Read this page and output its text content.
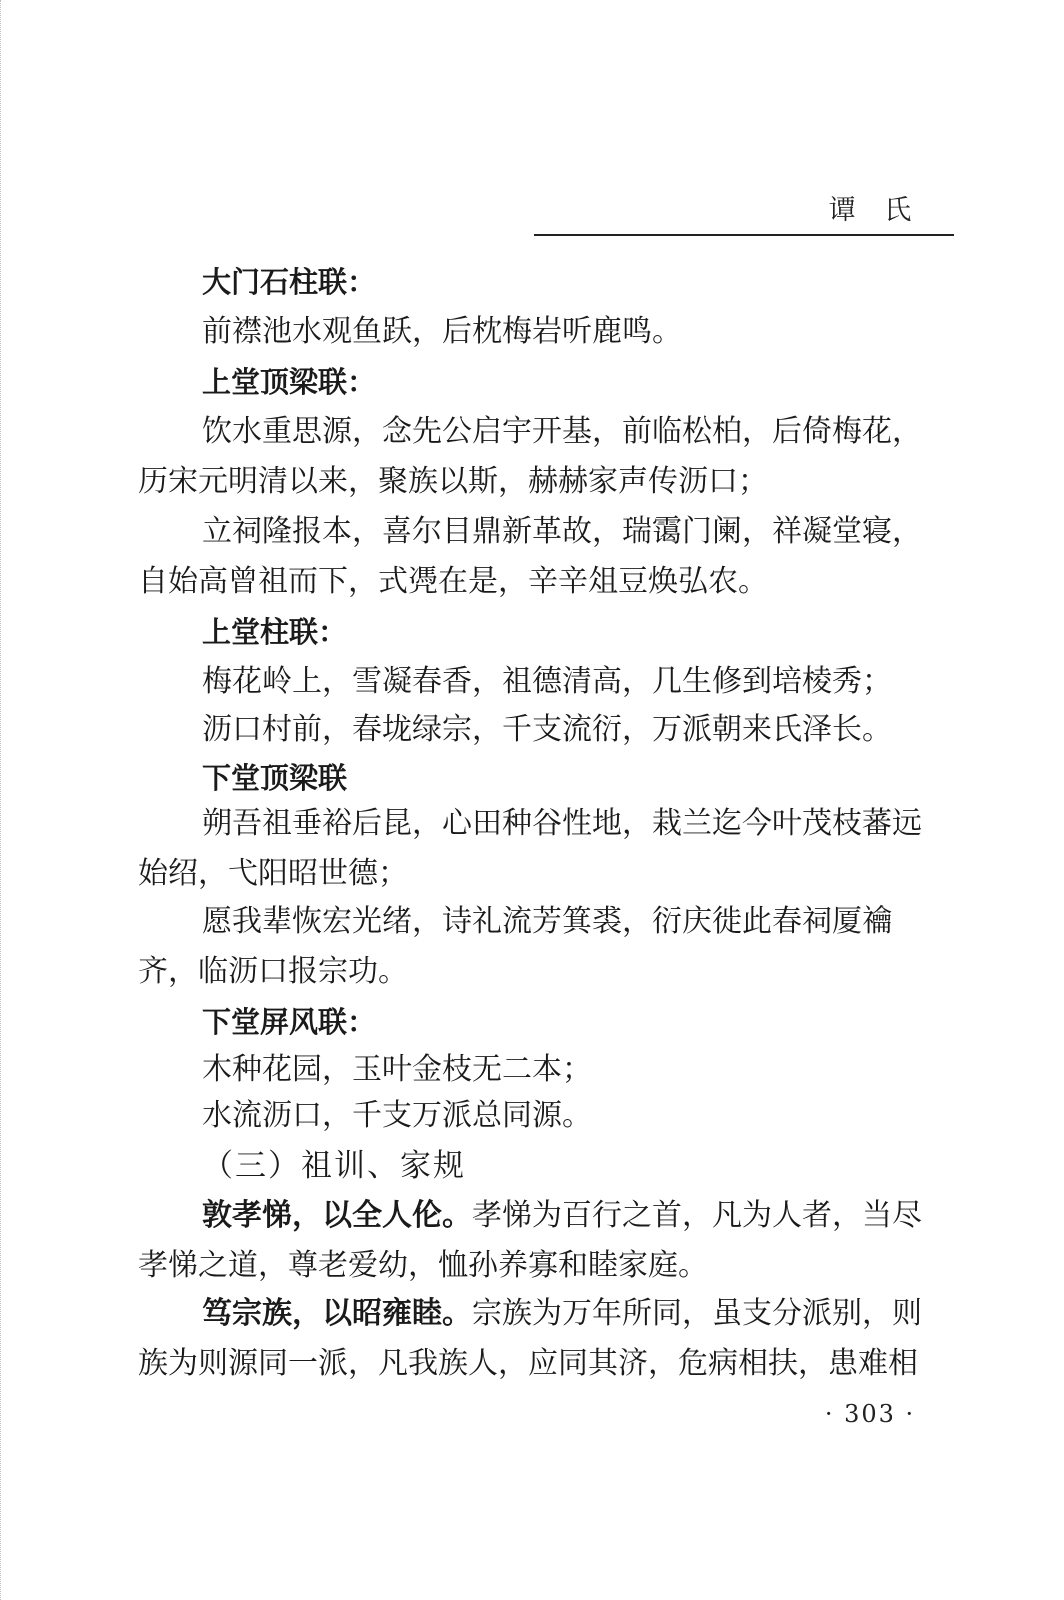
谭 氏
大门石柱联：
前襟池水观鱼跃，后枕梅岩听鹿鸣。
上堂顶梁联：
饮水重思源，念先公启宇开基，前临松柏，后倚梅花，
历宋元明清以来，聚族以斯，赫赫家声传沥口；
立祠隆报本，喜尔目鼎新革故，瑞霭门阑，祥凝堂寝，
自始高曾祖而下，式凴在是，辛辛俎豆焕弘农。
上堂柱联：
梅花岭上，雪凝春香，祖德清高，几生修到培棱秀；
沥口村前，春垅绿宗，千支流衍，万派朝来氏泽长。
下堂顶梁联
朔吾祖垂裕后昆，心田种谷性地，栽兰迄今叶茂枝蕃远
始绍，弋阳昭世德；
愿我辈恢宏光绪，诗礼流芳箕裘，衍庆徙此春祠厦禴
齐，临沥口报宗功。
下堂屏风联：
木种花园，玉叶金枝无二本；
水流沥口，千支万派总同源。
（三）祖训、家规
敦孝悌，以全人伦。孝悌为百行之首，凡为人者，当尽
孝悌之道，尊老爱幼，恤孙养寡和睦家庭。
笃宗族，以昭雍睦。宗族为万年所同，虽支分派别，则
族为则源同一派，凡我族人，应同其济，危病相扶，患难相
· 303 ·
